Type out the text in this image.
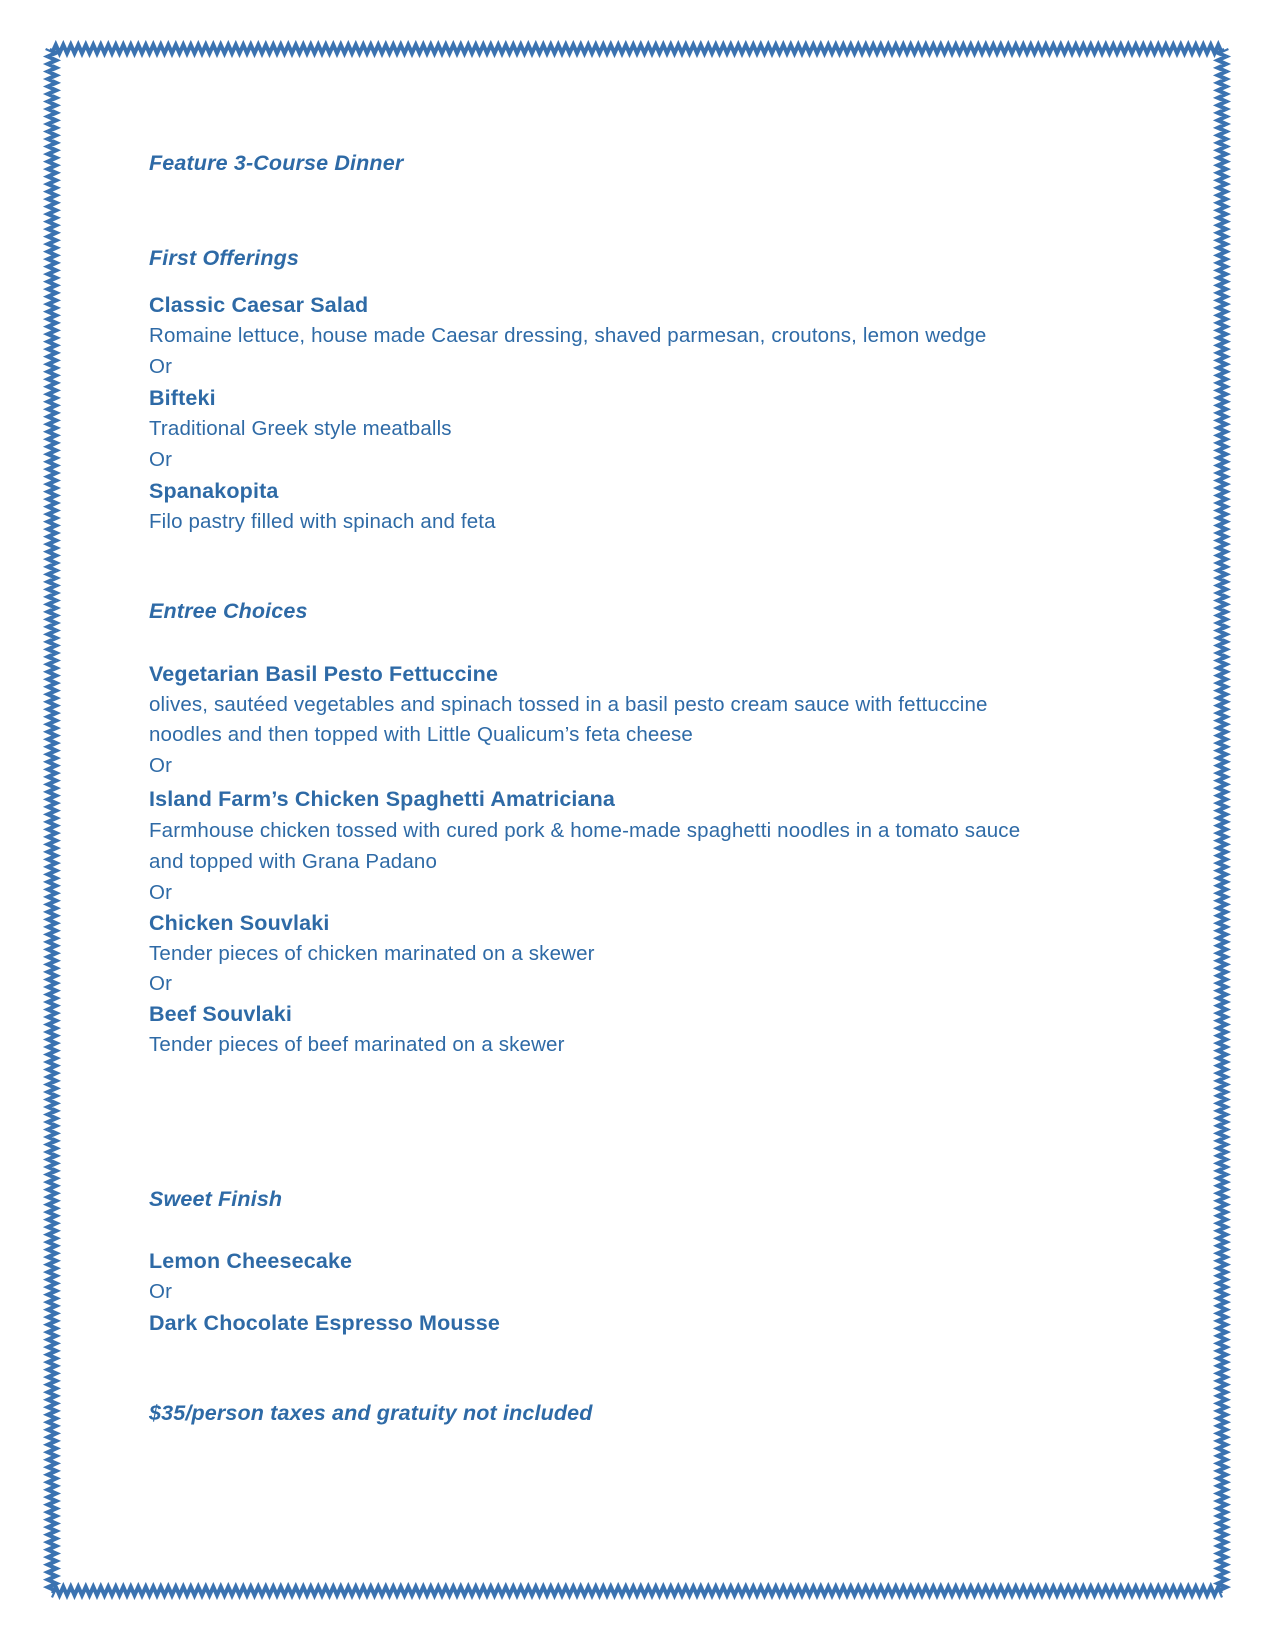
Feature 3-Course Dinner
First Offerings
Classic Caesar Salad
Romaine lettuce, house made Caesar dressing, shaved parmesan, croutons, lemon wedge
Or
Bifteki
Traditional Greek style meatballs
Or
Spanakopita
Filo pastry filled with spinach and feta
Entree Choices
Vegetarian Basil Pesto Fettuccine
olives, sautéed vegetables and spinach tossed in a basil pesto cream sauce with fettuccine
noodles and then topped with Little Qualicum’s feta cheese
Or
Island Farm’s Chicken Spaghetti Amatriciana
Farmhouse chicken tossed with cured pork & home-made spaghetti noodles in a tomato sauce
and topped with Grana Padano
Or
Chicken Souvlaki
Tender pieces of chicken marinated on a skewer
Or
Beef Souvlaki
Tender pieces of beef marinated on a skewer
Sweet Finish
Lemon Cheesecake
Or
Dark Chocolate Espresso Mousse
$35/person taxes and gratuity not included
